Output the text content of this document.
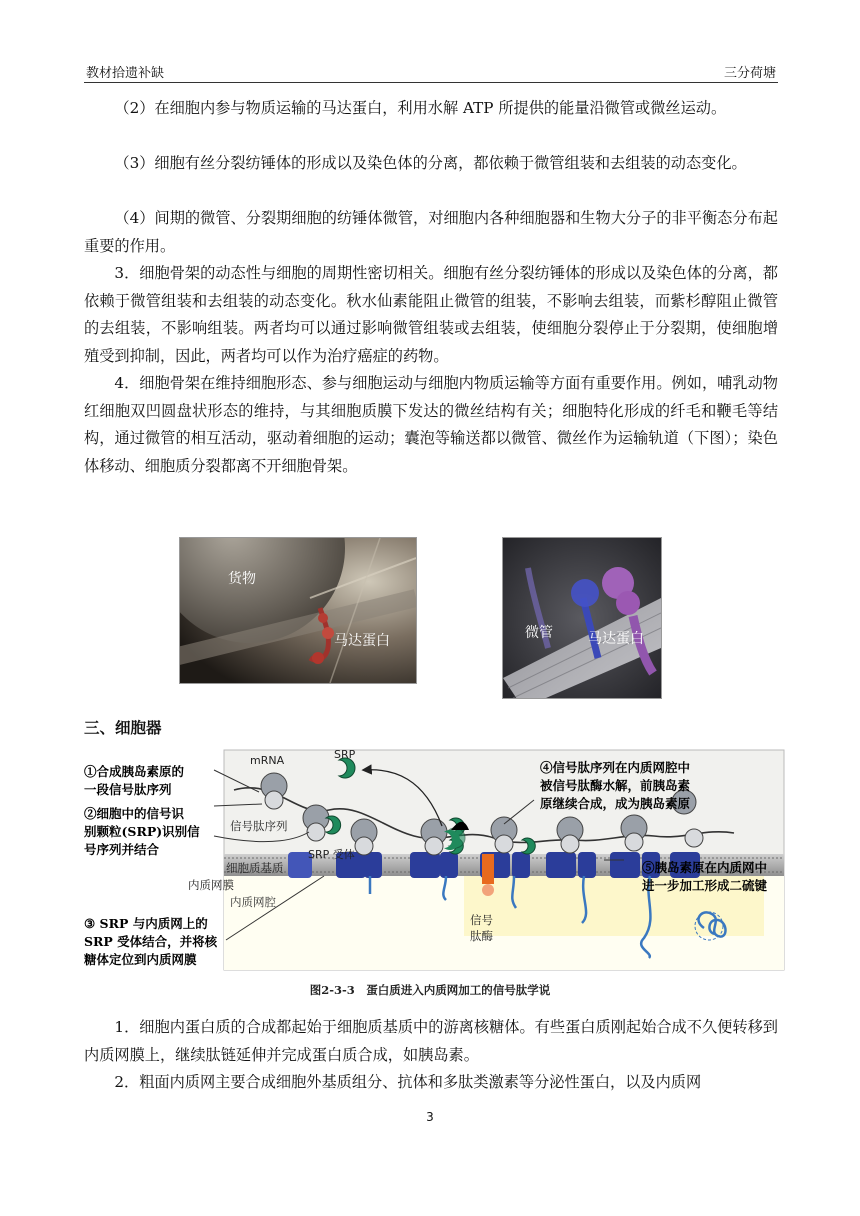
教材拾遗补缺	三分荷塘

（2）在细胞内参与物质运输的马达蛋白，利用水解 ATP 所提供的能量沿微管或微丝运动。

（3）细胞有丝分裂纺锤体的形成以及染色体的分离，都依赖于微管组装和去组装的动态变化。

（4）间期的微管、分裂期细胞的纺锤体微管，对细胞内各种细胞器和生物大分子的非平衡态分布起重要的作用。

3．细胞骨架的动态性与细胞的周期性密切相关。细胞有丝分裂纺锤体的形成以及染色体的分离，都依赖于微管组装和去组装的动态变化。秋水仙素能阻止微管的组装，不影响去组装，而紫杉醇阻止微管的去组装，不影响组装。两者均可以通过影响微管组装或去组装，使细胞分裂停止于分裂期，使细胞增殖受到抑制，因此，两者均可以作为治疗癌症的药物。

4．细胞骨架在维持细胞形态、参与细胞运动与细胞内物质运输等方面有重要作用。例如，哺乳动物红细胞双凹圆盘状形态的维持，与其细胞质膜下发达的微丝结构有关；细胞特化形成的纤毛和鞭毛等结构，通过微管的相互活动，驱动着细胞的运动；囊泡等输送都以微管、微丝作为运输轨道（下图）；染色体移动、细胞质分裂都离不开细胞骨架。

货物
马达蛋白	微管	马达蛋白
三、细胞器
mRNA	SRP
信号肽序列
SRP 受体
细胞质基质
内质网膜
内质网腔
信号
肽酶
①合成胰岛素原的
一段信号肽序列
②细胞中的信号识
别颗粒(SRP)识别信
号序列并结合
③ SRP 与内质网上的
SRP 受体结合，并将核
糖体定位到内质网膜
④信号肽序列在内质网腔中
被信号肽酶水解，前胰岛素
原继续合成，成为胰岛素原
⑤胰岛素原在内质网中
进一步加工形成二硫键
图2-3-3　蛋白质进入内质网加工的信号肽学说

1．细胞内蛋白质的合成都起始于细胞质基质中的游离核糖体。有些蛋白质刚起始合成不久便转移到内质网膜上，继续肽链延伸并完成蛋白质合成，如胰岛素。

2．粗面内质网主要合成细胞外基质组分、抗体和多肽类激素等分泌性蛋白，以及内质网

3
